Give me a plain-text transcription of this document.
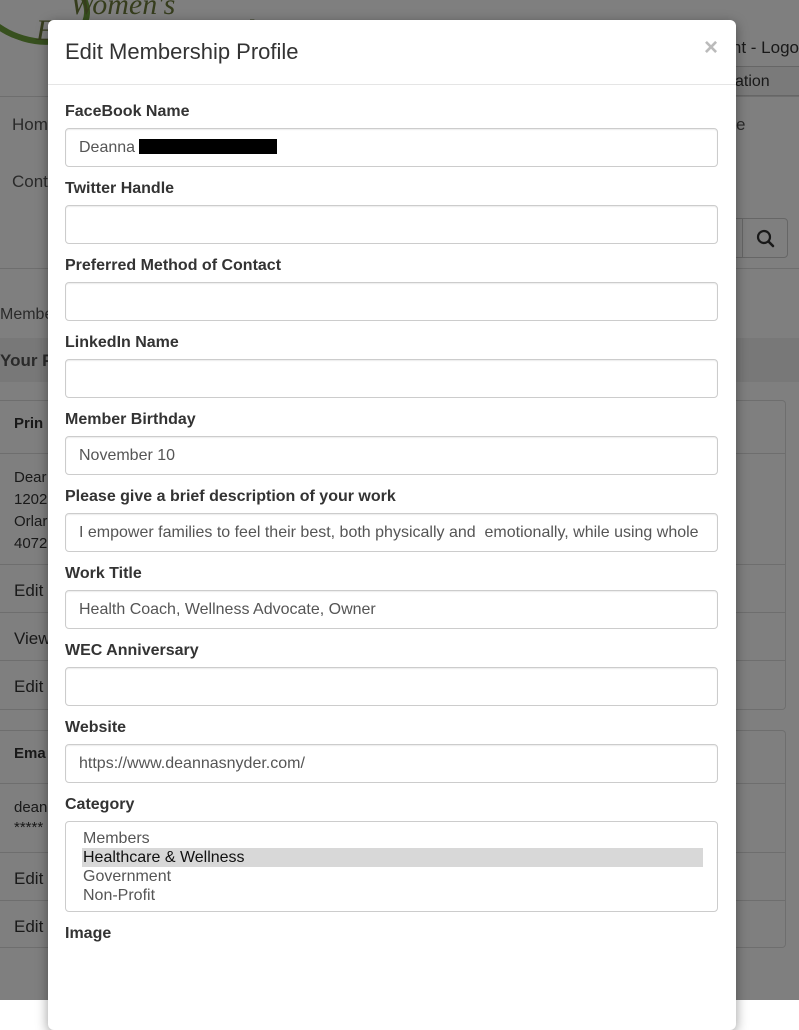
Edit Membership Profile	×
FaceBook Name
Deanna
Twitter Handle
Preferred Method of Contact
LinkedIn Name
Member Birthday
November 10
Please give a brief description of your work
I empower families to feel their best, both physically and  emotionally, while using whole
Work Title
Health Coach, Wellness Advocate, Owner
WEC Anniversary
Website
https://www.deannasnyder.com/
Category
Members
Healthcare & Wellness
Government
Non-Profit
Image
